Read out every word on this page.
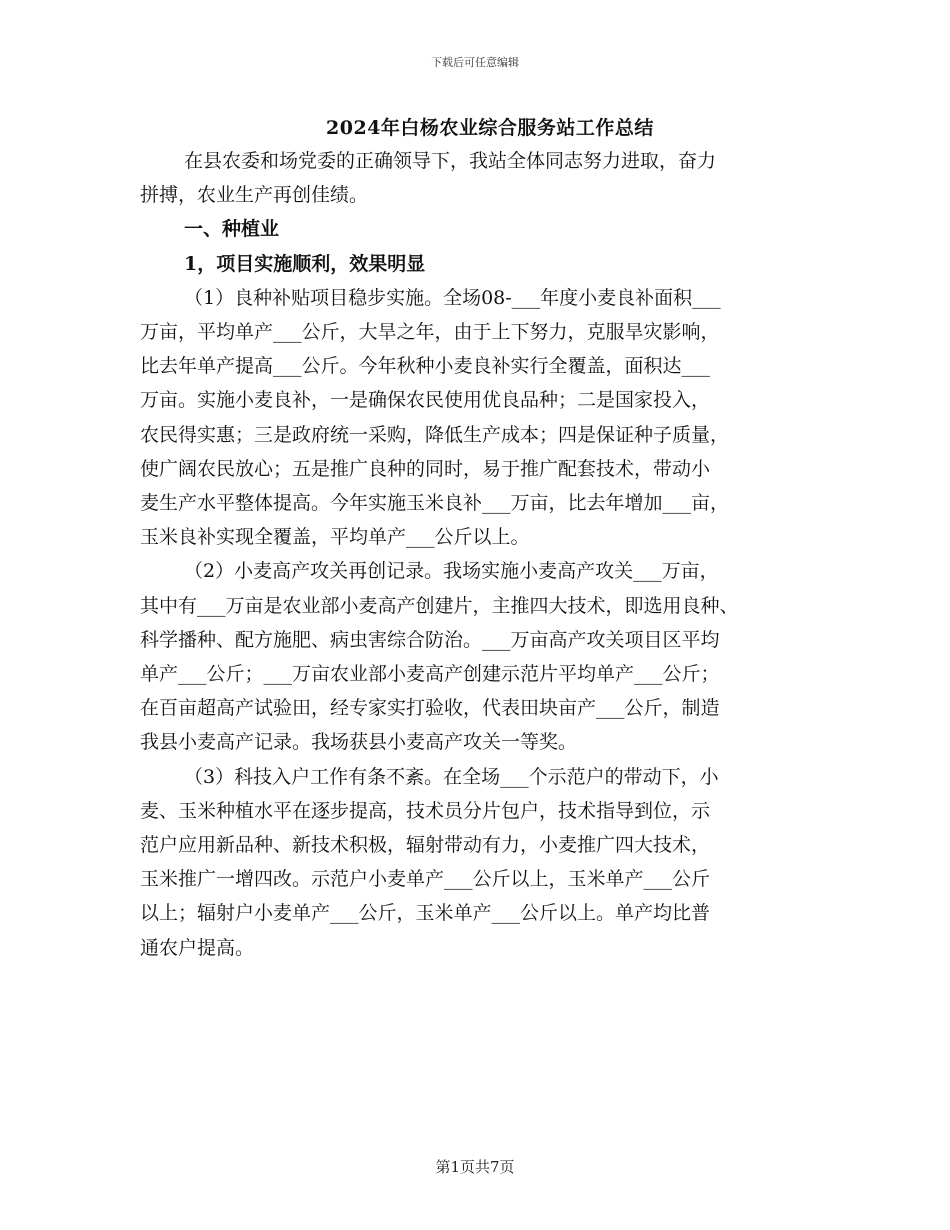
下载后可任意编辑
2024年白杨农业综合服务站工作总结

在县农委和场党委的正确领导下，我站全体同志努力进取，奋力

拼搏，农业生产再创佳绩。

一、种植业

1，项目实施顺利，效果明显

（1）良种补贴项目稳步实施。全场08-___年度小麦良补面积___

万亩，平均单产___公斤，大旱之年，由于上下努力，克服旱灾影响，

比去年单产提高___公斤。今年秋种小麦良补实行全覆盖，面积达___

万亩。实施小麦良补，一是确保农民使用优良品种；二是国家投入，

农民得实惠；三是政府统一采购，降低生产成本；四是保证种子质量，

使广阔农民放心；五是推广良种的同时，易于推广配套技术，带动小

麦生产水平整体提高。今年实施玉米良补___万亩，比去年增加___亩，

玉米良补实现全覆盖，平均单产___公斤以上。

（2）小麦高产攻关再创记录。我场实施小麦高产攻关___万亩，

其中有___万亩是农业部小麦高产创建片，主推四大技术，即选用良种、

科学播种、配方施肥、病虫害综合防治。___万亩高产攻关项目区平均

单产___公斤；___万亩农业部小麦高产创建示范片平均单产___公斤；

在百亩超高产试验田，经专家实打验收，代表田块亩产___公斤，制造

我县小麦高产记录。我场获县小麦高产攻关一等奖。

（3）科技入户工作有条不紊。在全场___个示范户的带动下，小

麦、玉米种植水平在逐步提高，技术员分片包户，技术指导到位，示

范户应用新品种、新技术积极，辐射带动有力，小麦推广四大技术，

玉米推广一增四改。示范户小麦单产___公斤以上，玉米单产___公斤

以上；辐射户小麦单产___公斤，玉米单产___公斤以上。单产均比普

通农户提高。

第1页共7页
